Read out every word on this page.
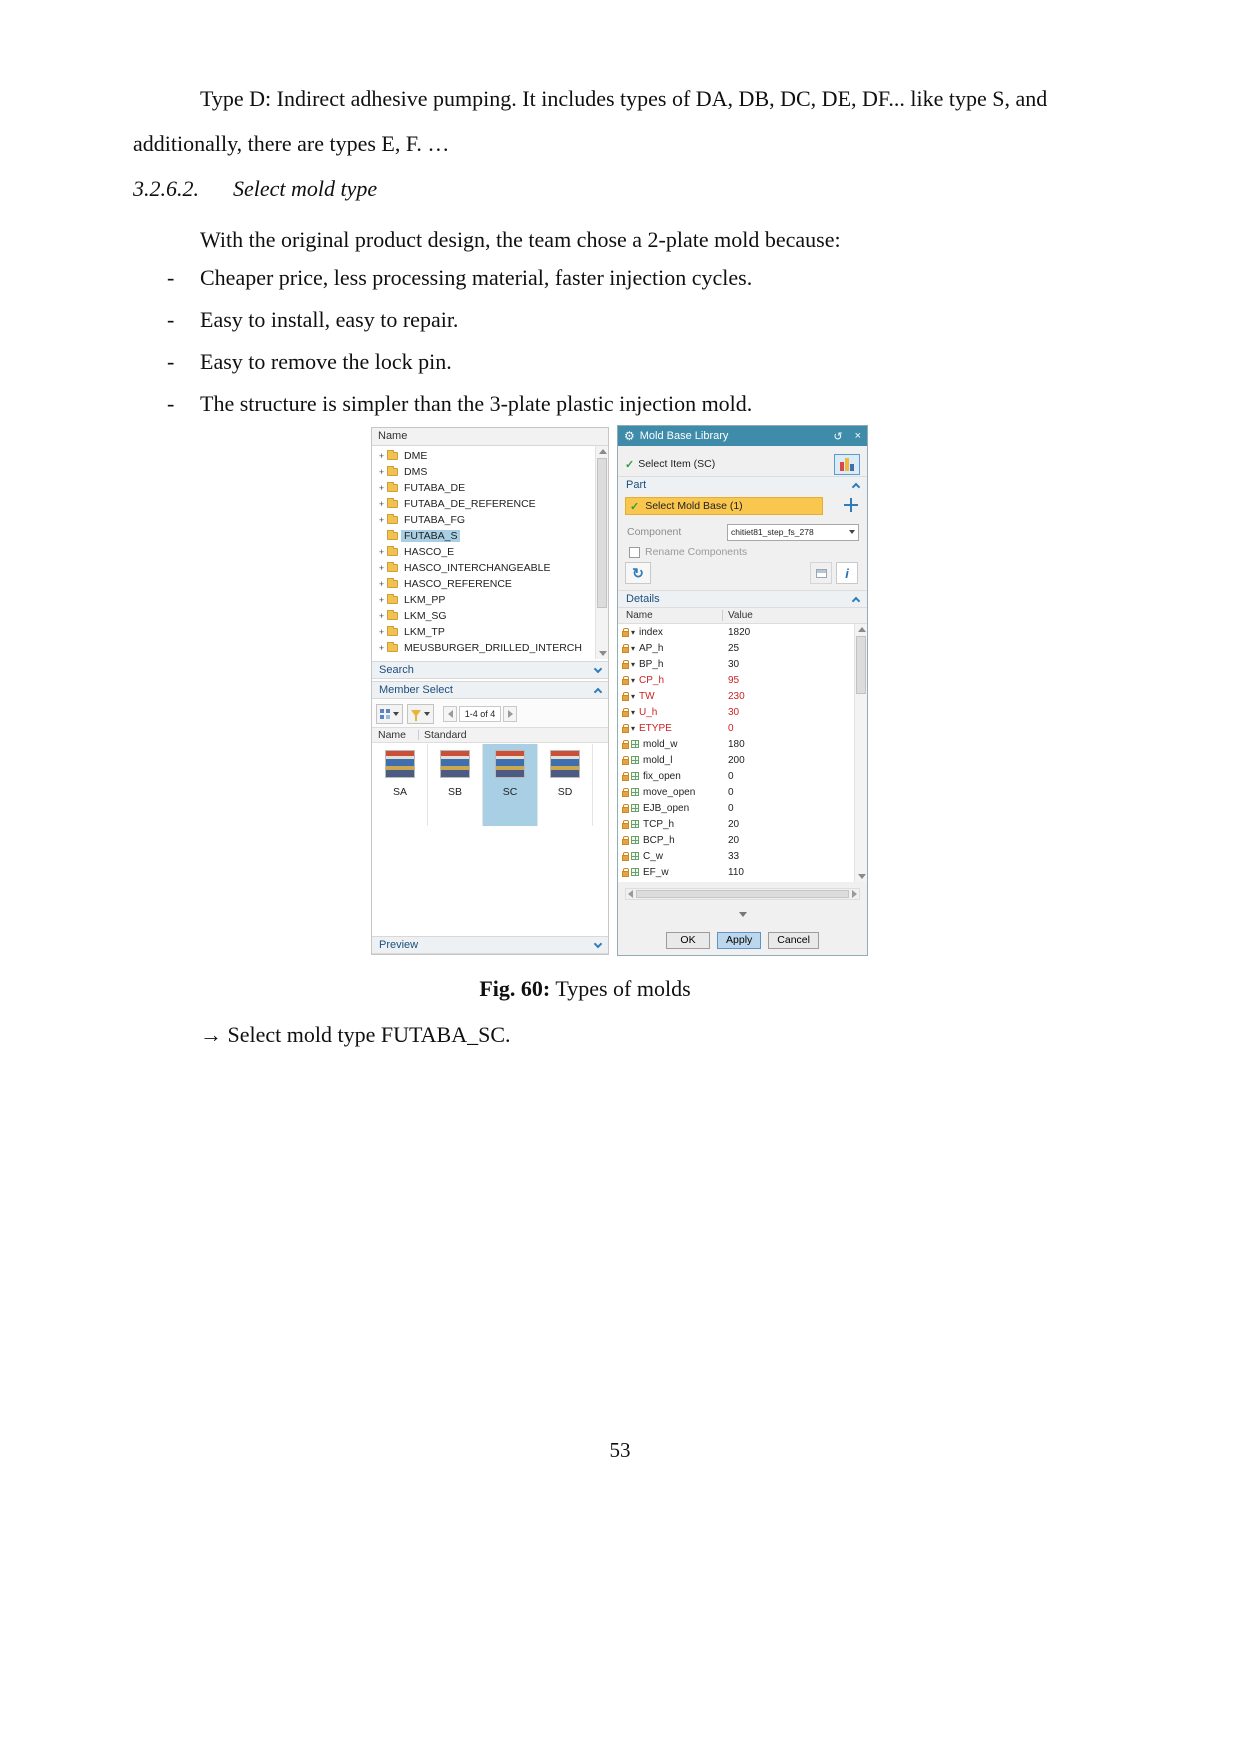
Type D: Indirect adhesive pumping. It includes types of DA, DB, DC, DE, DF... like type S, and additionally, there are types E, F. …

3.2.6.2. Select mold type

With the original product design, the team chose a 2-plate mold because:

-	Cheaper price, less processing material, faster injection cycles.
-	Easy to install, easy to repair.
-	Easy to remove the lock pin.
-	The structure is simpler than the 3-plate plastic injection mold.
Name
+ DME
+ DMS
+ FUTABA_DE
+ FUTABA_DE_REFERENCE
+ FUTABA_FG
FUTABA_S
+ HASCO_E
+ HASCO_INTERCHANGEABLE
+ HASCO_REFERENCE
+ LKM_PP
+ LKM_SG
+ LKM_TP
+ MEUSBURGER_DRILLED_INTERCH
Search
Member Select
1-4 of 4
Name Standard
SA	SB	SC	SD
Preview
⚙ Mold Base Library	↺ ×
✓ Select Item (SC)
Part
✓ Select Mold Base (1)
Component	chitiet81_step_fs_278
Rename Components
↻	i
Details
Name	Value
▾ index	1820
▾ AP_h	25
▾ BP_h	30
▾ CP_h	95
▾ TW	230
▾ U_h	30
▾ ETYPE	0
mold_w	180
mold_l	200
fix_open	0
move_open	0
EJB_open	0
TCP_h	20
BCP_h	20
C_w	33
EF_w	110
OK	Apply	Cancel

Fig. 60: Types of molds

→ Select mold type FUTABA_SC.

53
